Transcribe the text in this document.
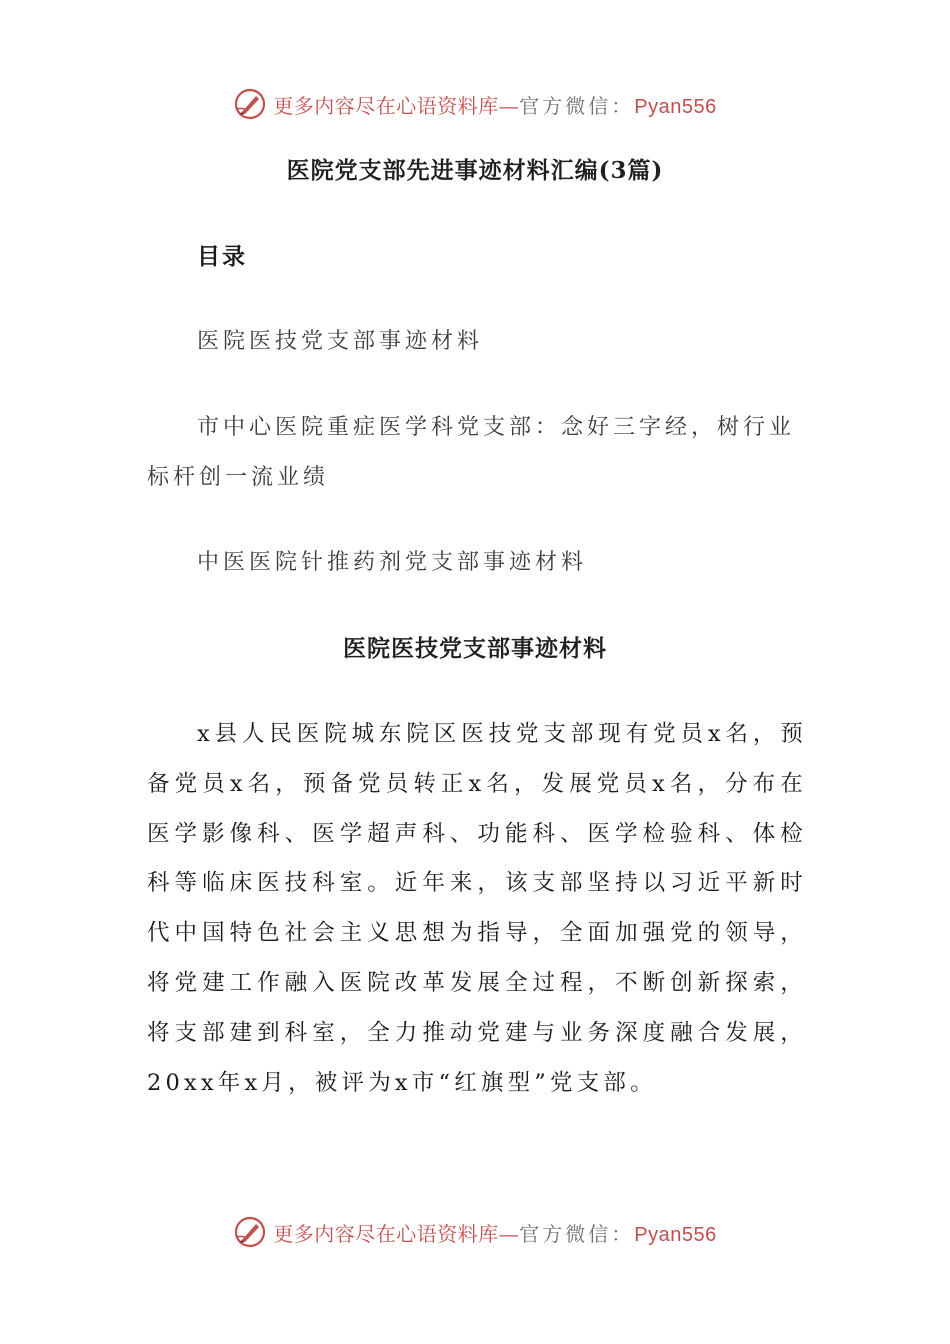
更多内容尽在心语资料库—官方微信：Pyan556
医院党支部先进事迹材料汇编(3篇)
目录

医院医技党支部事迹材料

市中心医院重症医学科党支部：念好三字经，树行业标杆创一流业绩

中医医院针推药剂党支部事迹材料

医院医技党支部事迹材料

x县人民医院城东院区医技党支部现有党员x名，预备党员x名，预备党员转正x名，发展党员x名，分布在医学影像科、医学超声科、功能科、医学检验科、体检科等临床医技科室。近年来，该支部坚持以习近平新时代中国特色社会主义思想为指导，全面加强党的领导，将党建工作融入医院改革发展全过程，不断创新探索，将支部建到科室，全力推动党建与业务深度融合发展，20xx年x月，被评为x市“红旗型”党支部。

更多内容尽在心语资料库—官方微信：Pyan556
